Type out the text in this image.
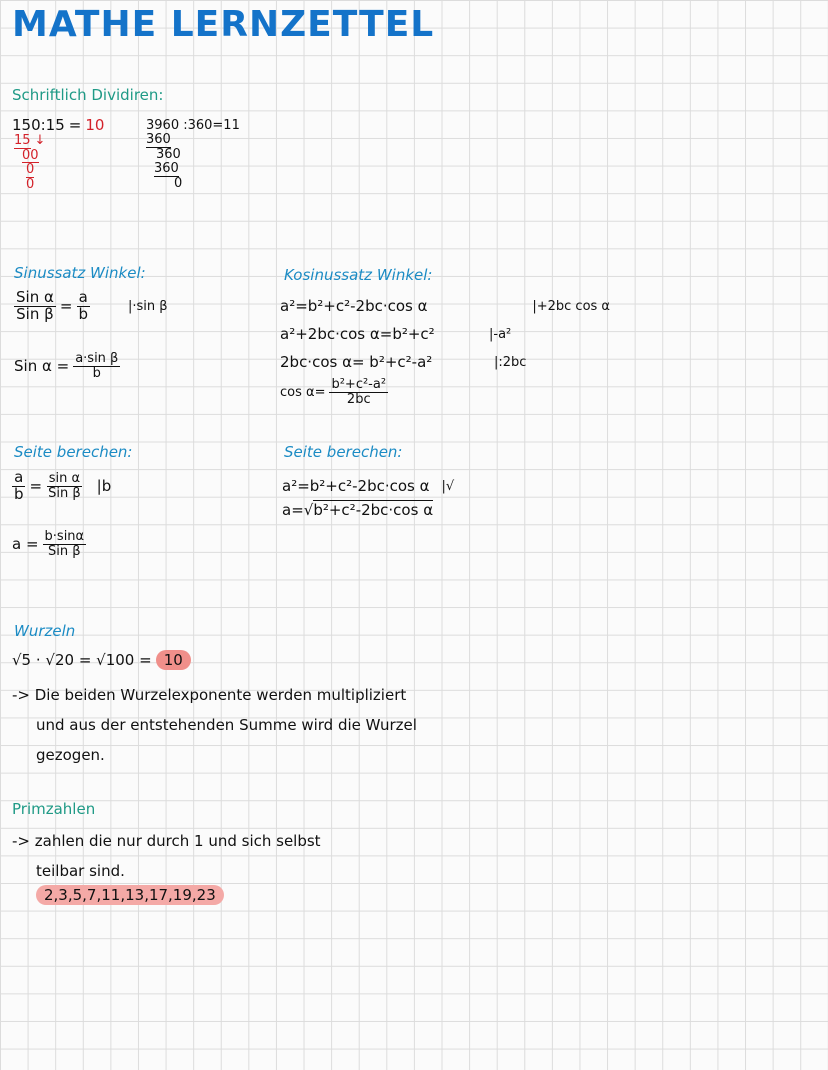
MATHE LERNZETTEL
Schriftlich Dividiren:
150:15 = 10
15 ↓
00
0
0
3960 :360=11
360
360
360
0
Sinussatz Winkel:
$\frac{\text{Sin α}}{\text{Sin β}} = \frac{a}{b}$	|·sin β
Sin $\alpha = \frac{\text{a·sin β}}{b}$
Kosinussatz Winkel:
a²=b²+c²-2bc·cos α	|+2bc cos α
a²+2bc·cos α=b²+c²	|-a²
2bc·cos α= b²+c²-a²	|:2bc
$\cos \alpha= \frac{\text{b²+c²-a²}}{2bc}$
Seite berechen:
$\frac{a}{b} = \frac{\text{sin α}}{\text{Sin β}} |b$
$a = \frac{b\cdot\sin\alpha}{\text{Sin β}}$
Seite berechen:
a²=b²+c²-2bc·cos α |√
a=√ b²+c²-2bc·cos α
Wurzeln
√5 · √20 = √100 = 10
-> Die beiden Wurzelexponente werden multipliziert
und aus der entstehenden Summe wird die Wurzel
gezogen.
Primzahlen
-> zahlen die nur durch 1 und sich selbst
teilbar sind.
2,3,5,7,11,13,17,19,23
